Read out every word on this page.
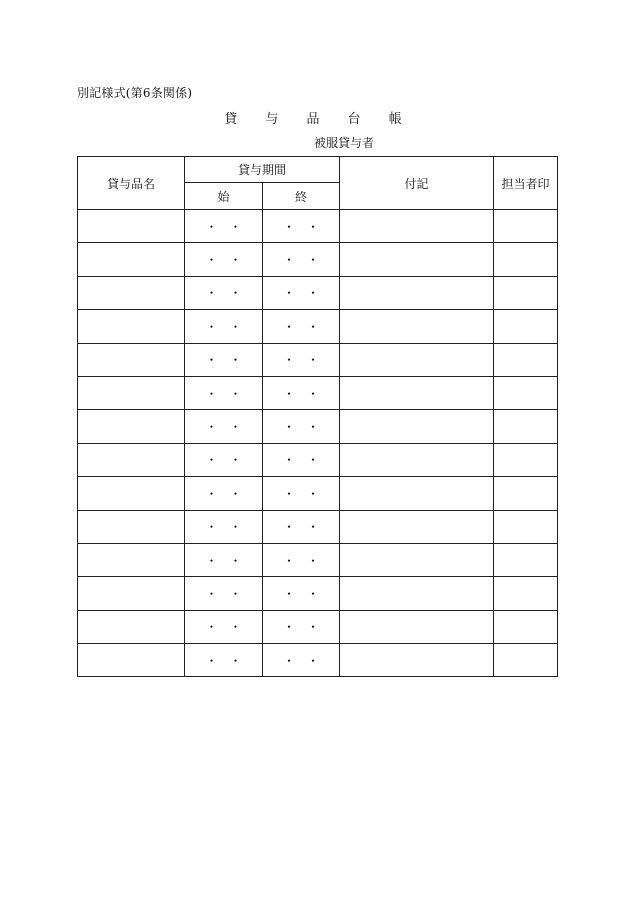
別記様式(第6条関係)
貸 与 品 台 帳
被服貸与者
貸与品名	貸与期間		付記	担当者印
	始	終		
	・　・	・　・		
	・　・	・　・		
	・　・	・　・		
	・　・	・　・		
	・　・	・　・		
	・　・	・　・		
	・　・	・　・		
	・　・	・　・		
	・　・	・　・		
	・　・	・　・		
	・　・	・　・		
	・　・	・　・		
	・　・	・　・		
	・　・	・　・		
